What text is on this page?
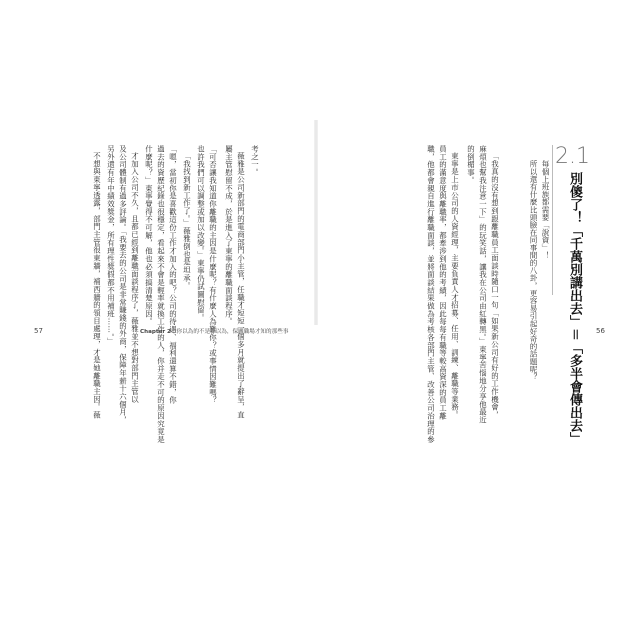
2.1
別傻了！「千萬別講出去」＝「多半會傳出去」
每個上班族都需要「說資」！
所以還有什麼比頭臉在同事間的八卦，更容易引起好奇的話題呢？
「我真的沒有想到跟離職員工面談時隨口一句「如果新公司有好的工作機會，
麻煩也幫我注意一下」的玩笑話，讓我在公司由紅轉黑。」東寧苦惱地分享他最近
的倒楣事。
東寧是上市公司的人資經理，主要負責人才招募、任用、訓練、離職等業務。
員工的滿意度與離職率，都牽涉到他的考績，因此每每有職等較高資深的員工離
職，他都會親自進行離職面談，並將面談結果做為考核各部門主管、改善公司治理的參
考之一。
薇雅是公司新部門的電商部門小主管，任職才短短一個多月就提出了辭呈，直
屬主管慰留不成，於是進入了東寧的離職面談程序。
「可否讓我知道你離職的主因是什麼呢？有什麼人為難你？或事情因難嗎？
也許我們可以調整或加以改變。」東寧仍試圖慰留。
「我找到新工作了。」薇雅倒也是坦承。
「嗯，當初你是喜歡這份工作才加入的吧？公司的待遇、福利還算不錯，你
過去的資歷紀錄也很穩定，看起來不會是輕率就換工作的人，你并走不可的原因究竟是
什麼呢？」東寧覺得不可解，他也必須搞清楚原因。
才加入公司不久，且都已經到離職面談程序了，薇雅並不想對部門主管以
及公司體制有過多評論。「我要去的公司是非常賺錢的外商，保障年薪十六個月，
另外還有年中績效獎金，所有理性獎假都不用補班……。」
不想與東寧透露，部門主管很東牆，補西牆的領目處理，才是她離職主因。薇
57	Chapter 2｜你以為的不是你以為，保關職場才知的那些事	56
